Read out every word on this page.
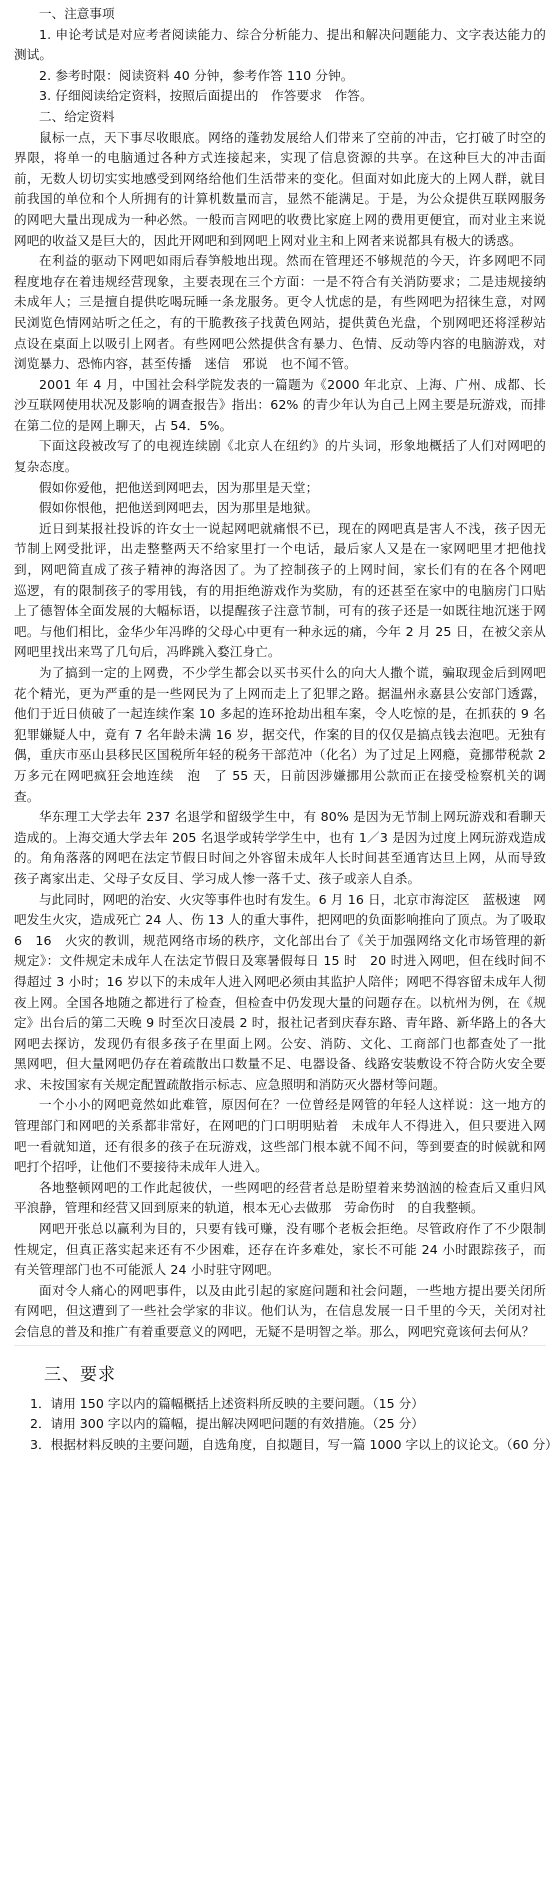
一、注意事项

1. 申论考试是对应考者阅读能力、综合分析能力、提出和解决问题能力、文字表达能力的测试。

2. 参考时限：阅读资料 40 分钟，参考作答 110 分钟。

3. 仔细阅读给定资料，按照后面提出的　作答要求　作答。

二、给定资料

鼠标一点，天下事尽收眼底。网络的蓬勃发展给人们带来了空前的冲击，它打破了时空的界限，将单一的电脑通过各种方式连接起来，实现了信息资源的共享。在这种巨大的冲击面前，无数人切切实实地感受到网络给他们生活带来的变化。但面对如此庞大的上网人群，就目前我国的单位和个人所拥有的计算机数量而言，显然不能满足。于是，为公众提供互联网服务的网吧大量出现成为一种必然。一般而言网吧的收费比家庭上网的费用更便宜，而对业主来说网吧的收益又是巨大的，因此开网吧和到网吧上网对业主和上网者来说都具有极大的诱惑。

在利益的驱动下网吧如雨后春笋般地出现。然而在管理还不够规范的今天，许多网吧不同程度地存在着违规经营现象，主要表现在三个方面：一是不符合有关消防要求；二是违规接纳未成年人；三是擅自提供吃喝玩睡一条龙服务。更令人忧虑的是，有些网吧为招徕生意，对网民浏览色情网站听之任之，有的干脆教孩子找黄色网站，提供黄色光盘，个别网吧还将淫秽站点设在桌面上以吸引上网者。有些网吧公然提供含有暴力、色情、反动等内容的电脑游戏，对浏览暴力、恐怖内容，甚至传播　迷信　邪说　也不闻不管。

2001 年 4 月，中国社会科学院发表的一篇题为《2000 年北京、上海、广州、成都、长沙互联网使用状况及影响的调查报告》指出：62% 的青少年认为自己上网主要是玩游戏，而排在第二位的是网上聊天，占 54．5%。

下面这段被改写了的电视连续剧《北京人在纽约》的片头词，形象地概括了人们对网吧的复杂态度。

假如你爱他，把他送到网吧去，因为那里是天堂；

假如你恨他，把他送到网吧去，因为那里是地狱。

近日到某报社投诉的许女士一说起网吧就痛恨不已，现在的网吧真是害人不浅，孩子因无节制上网受批评，出走整整两天不给家里打一个电话，最后家人又是在一家网吧里才把他找到，网吧简直成了孩子精神的海洛因了。为了控制孩子的上网时间，家长们有的在各个网吧　巡逻，有的限制孩子的零用钱，有的用拒绝游戏作为奖励，有的还甚至在家中的电脑房门口贴上了德智体全面发展的大幅标语，以提醒孩子注意节制，可有的孩子还是一如既往地沉迷于网吧。与他们相比，金华少年冯晔的父母心中更有一种永远的痛，今年 2 月 25 日，在被父亲从网吧里找出来骂了几句后，冯晔跳入婺江身亡。

为了搞到一定的上网费，不少学生都会以买书买什么的向大人撒个谎，骗取现金后到网吧花个精光，更为严重的是一些网民为了上网而走上了犯罪之路。据温州永嘉县公安部门透露，他们于近日侦破了一起连续作案 10 多起的连环抢劫出租车案，令人吃惊的是，在抓获的 9 名犯罪嫌疑人中，竟有 7 名年龄未满 16 岁，据交代，作案的目的仅仅是搞点钱去泡吧。无独有偶，重庆市巫山县移民区国税所年轻的税务干部范冲（化名）为了过足上网瘾，竟挪带税款 2 万多元在网吧疯狂会地连续　泡　了 55 天，日前因涉嫌挪用公款而正在接受检察机关的调查。

华东理工大学去年 237 名退学和留级学生中，有 80% 是因为无节制上网玩游戏和看聊天造成的。上海交通大学去年 205 名退学或转学学生中，也有 1／3 是因为过度上网玩游戏造成的。角角落落的网吧在法定节假日时间之外容留未成年人长时间甚至通宵达旦上网，从而导致孩子离家出走、父母子女反目、学习成人惨一落千丈、孩子或亲人自杀。

与此同时，网吧的治安、火灾等事件也时有发生。6 月 16 日，北京市海淀区　蓝极速　网吧发生火灾，造成死亡 24 人、伤 13 人的重大事件，把网吧的负面影响推向了顶点。为了吸取　6　16　火灾的教训，规范网络市场的秩序，文化部出台了《关于加强网络文化市场管理的新规定》：文件规定未成年人在法定节假日及寒暑假每日 15 时　20 时进入网吧，但在线时间不得超过 3 小时；16 岁以下的未成年人进入网吧必须由其监护人陪伴；网吧不得容留未成年人彻夜上网。全国各地随之都进行了检查，但检查中仍发现大量的问题存在。以杭州为例，在《规定》出台后的第二天晚 9 时至次日凌晨 2 时，报社记者到庆春东路、青年路、新华路上的各大网吧去探访，发现仍有很多孩子在里面上网。公安、消防、文化、工商部门也都查处了一批　黑网吧，但大量网吧仍存在着疏散出口数量不足、电器设备、线路安装敷设不符合防火安全要求、未按国家有关规定配置疏散指示标志、应急照明和消防灭火器材等问题。

一个小小的网吧竟然如此难管，原因何在？一位曾经是网管的年轻人这样说：这一地方的管理部门和网吧的关系都非常好，在网吧的门口明明贴着　未成年人不得进入，但只要进入网吧一看就知道，还有很多的孩子在玩游戏，这些部门根本就不闻不问，等到要查的时候就和网吧打个招呼，让他们不要接待未成年人进入。

各地整顿网吧的工作此起彼伏，一些网吧的经营者总是盼望着来势汹汹的检查后又重归风平浪静，管理和经营又回到原来的轨道，根本无心去做那　劳命伤时　的自我整顿。

网吧开张总以赢利为目的，只要有钱可赚，没有哪个老板会拒绝。尽管政府作了不少限制性规定，但真正落实起来还有不少困难，还存在许多难处，家长不可能 24 小时跟踪孩子，而有关管理部门也不可能派人 24 小时驻守网吧。

面对令人痛心的网吧事件，以及由此引起的家庭问题和社会问题，一些地方提出要关闭所有网吧，但这遭到了一些社会学家的非议。他们认为，在信息发展一日千里的今天，关闭对社会信息的普及和推广有着重要意义的网吧，无疑不是明智之举。那么，网吧究竟该何去何从？

三、要求

1．请用 150 字以内的篇幅概括上述资料所反映的主要问题。（15 分）

2．请用 300 字以内的篇幅，提出解决网吧问题的有效措施。（25 分）

3．根据材料反映的主要问题，自选角度，自拟题目，写一篇 1000 字以上的议论文。（60 分）
